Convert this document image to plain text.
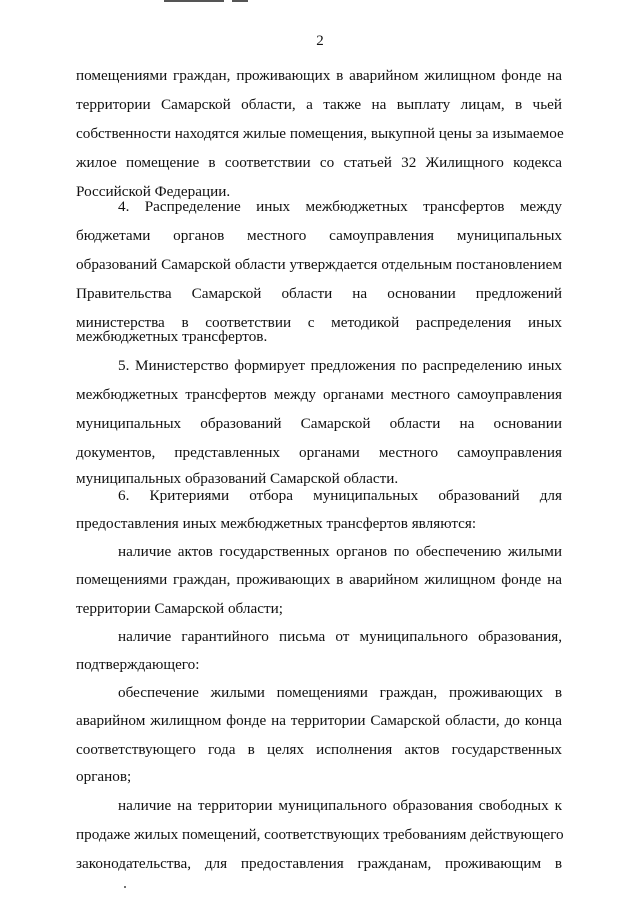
2
помещениями граждан, проживающих в аварийном жилищном фонде на
территории Самарской области, а также на выплату лицам, в чьей
собственности находятся жилые помещения, выкупной цены за изымаемое
жилое помещение в соответствии со статьей 32 Жилищного кодекса
Российской Федерации.
4. Распределение иных межбюджетных трансфертов между
бюджетами органов местного самоуправления муниципальных
образований Самарской области утверждается отдельным постановлением
Правительства Самарской области на основании предложений
министерства в соответствии с методикой распределения иных
межбюджетных трансфертов.
5. Министерство формирует предложения по распределению иных
межбюджетных трансфертов между органами местного самоуправления
муниципальных образований Самарской области на основании
документов, представленных органами местного самоуправления
муниципальных образований Самарской области.
6. Критериями отбора муниципальных образований для
предоставления иных межбюджетных трансфертов являются:
наличие актов государственных органов по обеспечению жилыми
помещениями граждан, проживающих в аварийном жилищном фонде на
территории Самарской области;
наличие гарантийного письма от муниципального образования,
подтверждающего:
обеспечение жилыми помещениями граждан, проживающих в
аварийном жилищном фонде на территории Самарской области, до конца
соответствующего года в целях исполнения актов государственных
органов;
наличие на территории муниципального образования свободных к
продаже жилых помещений, соответствующих требованиям действующего
законодательства, для предоставления гражданам, проживающим в
